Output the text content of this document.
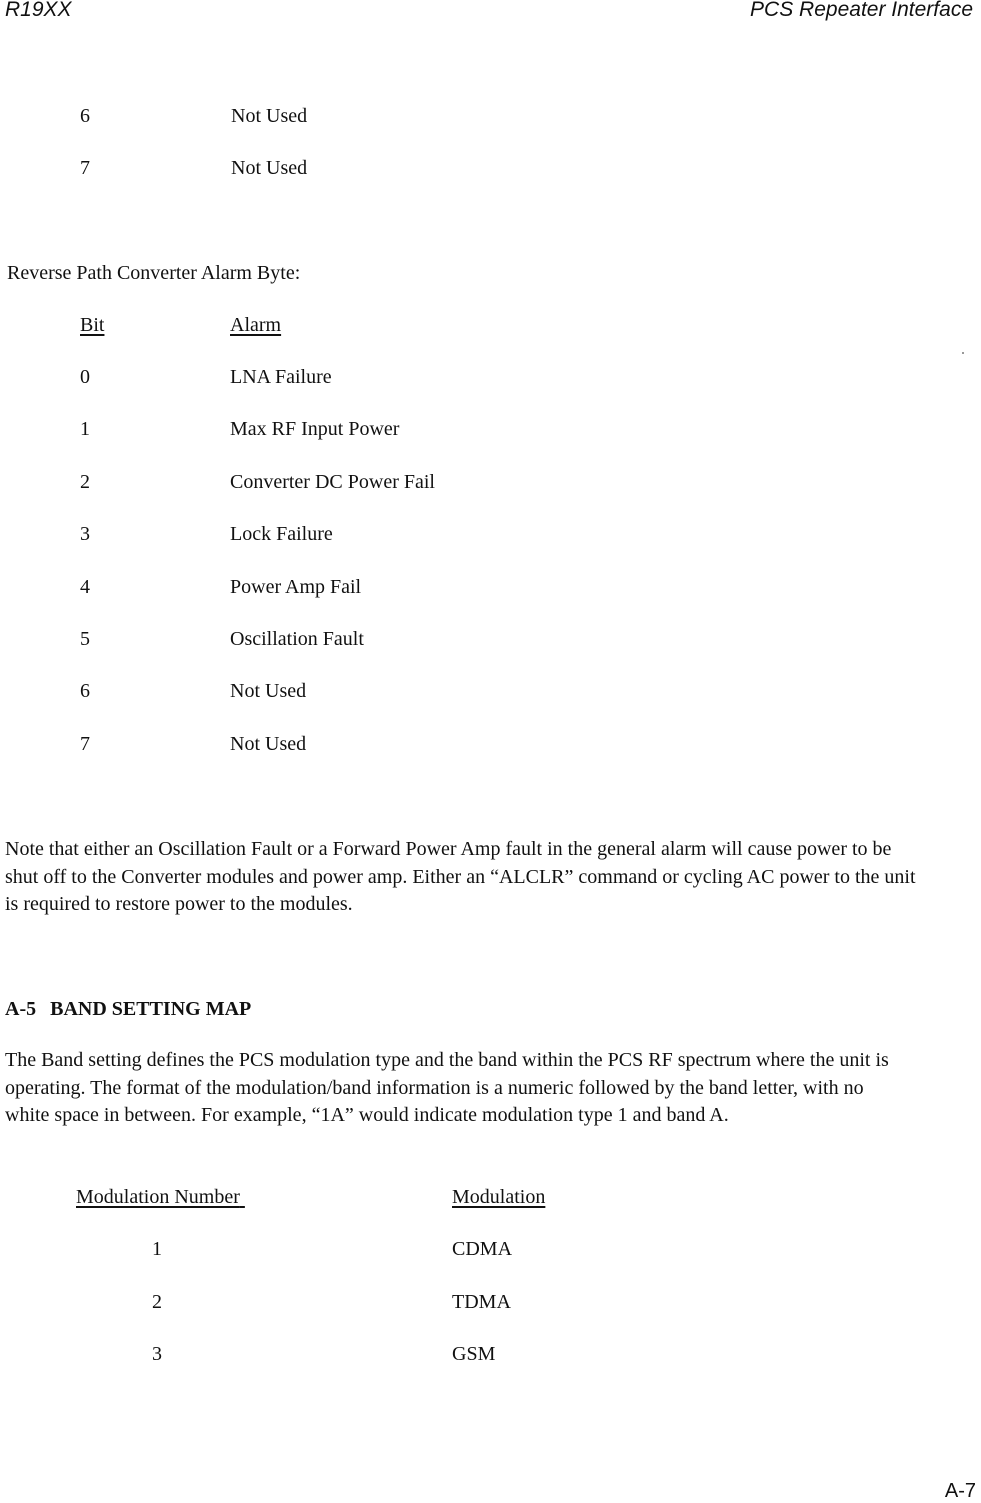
R19XX	PCS Repeater Interface
6	Not Used
7	Not Used
Reverse Path Converter Alarm Byte:
Bit	Alarm
0	LNA Failure
1	Max RF Input Power
2	Converter DC Power Fail
3	Lock Failure
4	Power Amp Fail
5	Oscillation Fault
6	Not Used
7	Not Used
Note that either an Oscillation Fault or a Forward Power Amp fault in the general alarm will cause power to be shut off to the Converter modules and power amp. Either an “ALCLR” command or cycling AC power to the unit is required to restore power to the modules.
A-5 BAND SETTING MAP
The Band setting defines the PCS modulation type and the band within the PCS RF spectrum where the unit is operating. The format of the modulation/band information is a numeric followed by the band letter, with no white space in between. For example, “1A” would indicate modulation type 1 and band A.
Modulation Number	Modulation
1	CDMA
2	TDMA
3	GSM
A-7
